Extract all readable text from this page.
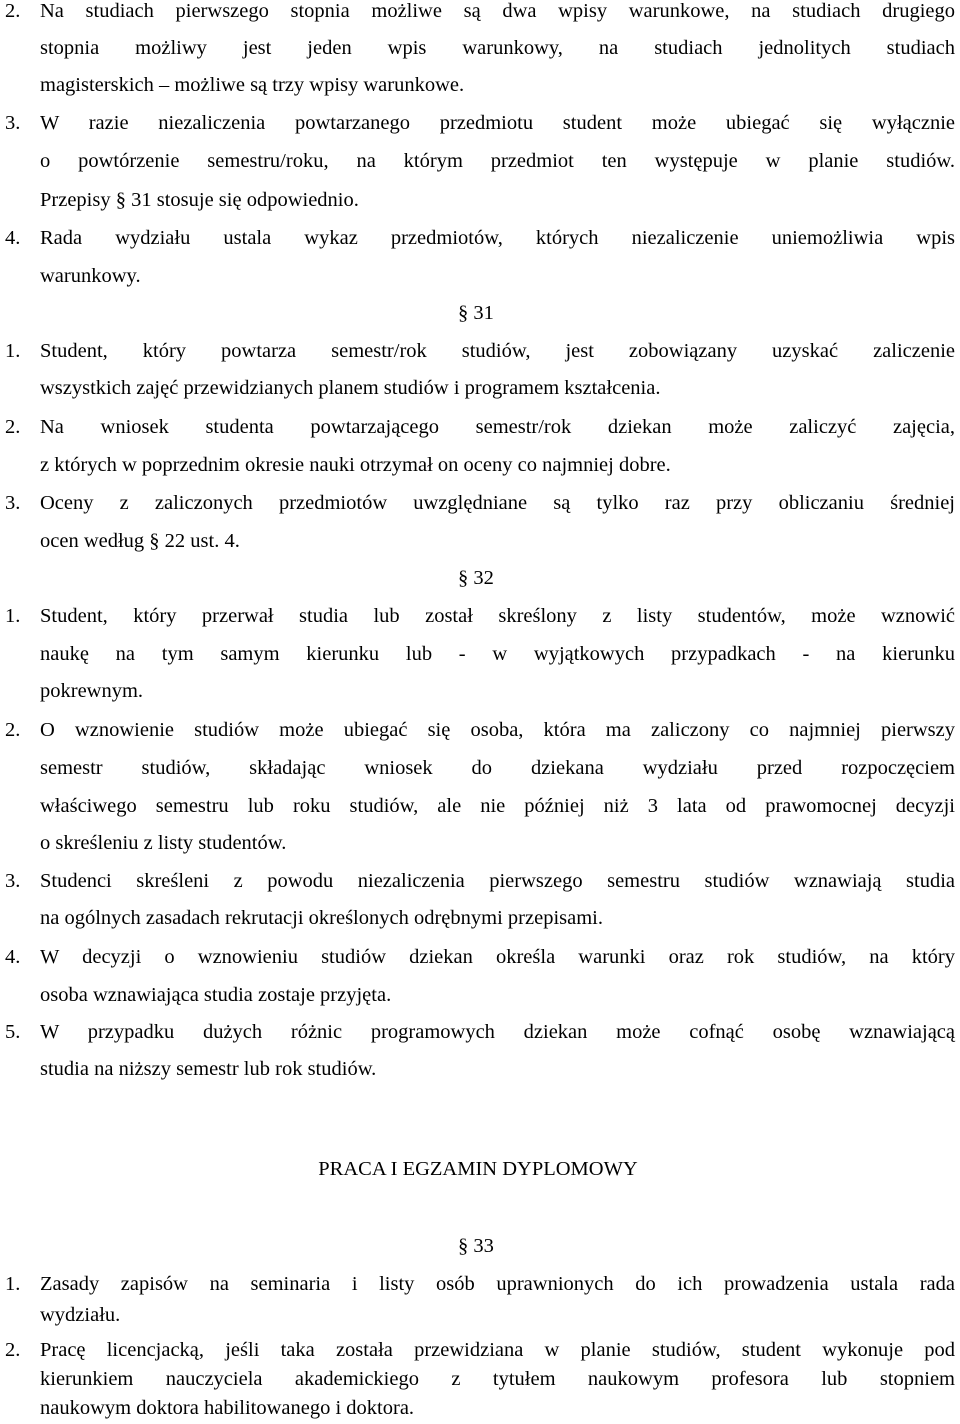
2. Na studiach pierwszego stopnia możliwe są dwa wpisy warunkowe, na studiach drugiego
stopnia możliwy jest jeden wpis warunkowy, na studiach jednolitych studiach
magisterskich – możliwe są trzy wpisy warunkowe.
3. W razie niezaliczenia powtarzanego przedmiotu student może ubiegać się wyłącznie
o powtórzenie semestru/roku, na którym przedmiot ten występuje w planie studiów.
Przepisy § 31 stosuje się odpowiednio.
4. Rada wydziału ustala wykaz przedmiotów, których niezaliczenie uniemożliwia wpis
warunkowy.
§ 31
1. Student, który powtarza semestr/rok studiów, jest zobowiązany uzyskać zaliczenie
wszystkich zajęć przewidzianych planem studiów i programem kształcenia.
2. Na wniosek studenta powtarzającego semestr/rok dziekan może zaliczyć zajęcia,
z których w poprzednim okresie nauki otrzymał on oceny co najmniej dobre.
3. Oceny z zaliczonych przedmiotów uwzględniane są tylko raz przy obliczaniu średniej
ocen według § 22 ust. 4.
§ 32
1. Student, który przerwał studia lub został skreślony z listy studentów, może wznowić
naukę na tym samym kierunku lub - w wyjątkowych przypadkach - na kierunku
pokrewnym.
2. O wznowienie studiów może ubiegać się osoba, która ma zaliczony co najmniej pierwszy
semestr studiów, składając wniosek do dziekana wydziału przed rozpoczęciem
właściwego semestru lub roku studiów, ale nie później niż 3 lata od prawomocnej decyzji
o skreśleniu z listy studentów.
3. Studenci skreśleni z powodu niezaliczenia pierwszego semestru studiów wznawiają studia
na ogólnych zasadach rekrutacji określonych odrębnymi przepisami.
4. W decyzji o wznowieniu studiów dziekan określa warunki oraz rok studiów, na który
osoba wznawiająca studia zostaje przyjęta.
5. W przypadku dużych różnic programowych dziekan może cofnąć osobę wznawiającą
studia na niższy semestr lub rok studiów.
PRACA I EGZAMIN DYPLOMOWY
§ 33
1. Zasady zapisów na seminaria i listy osób uprawnionych do ich prowadzenia ustala rada
wydziału.
2. Pracę licencjacką, jeśli taka została przewidziana w planie studiów, student wykonuje pod
kierunkiem nauczyciela akademickiego z tytułem naukowym profesora lub stopniem
naukowym doktora habilitowanego i doktora.
